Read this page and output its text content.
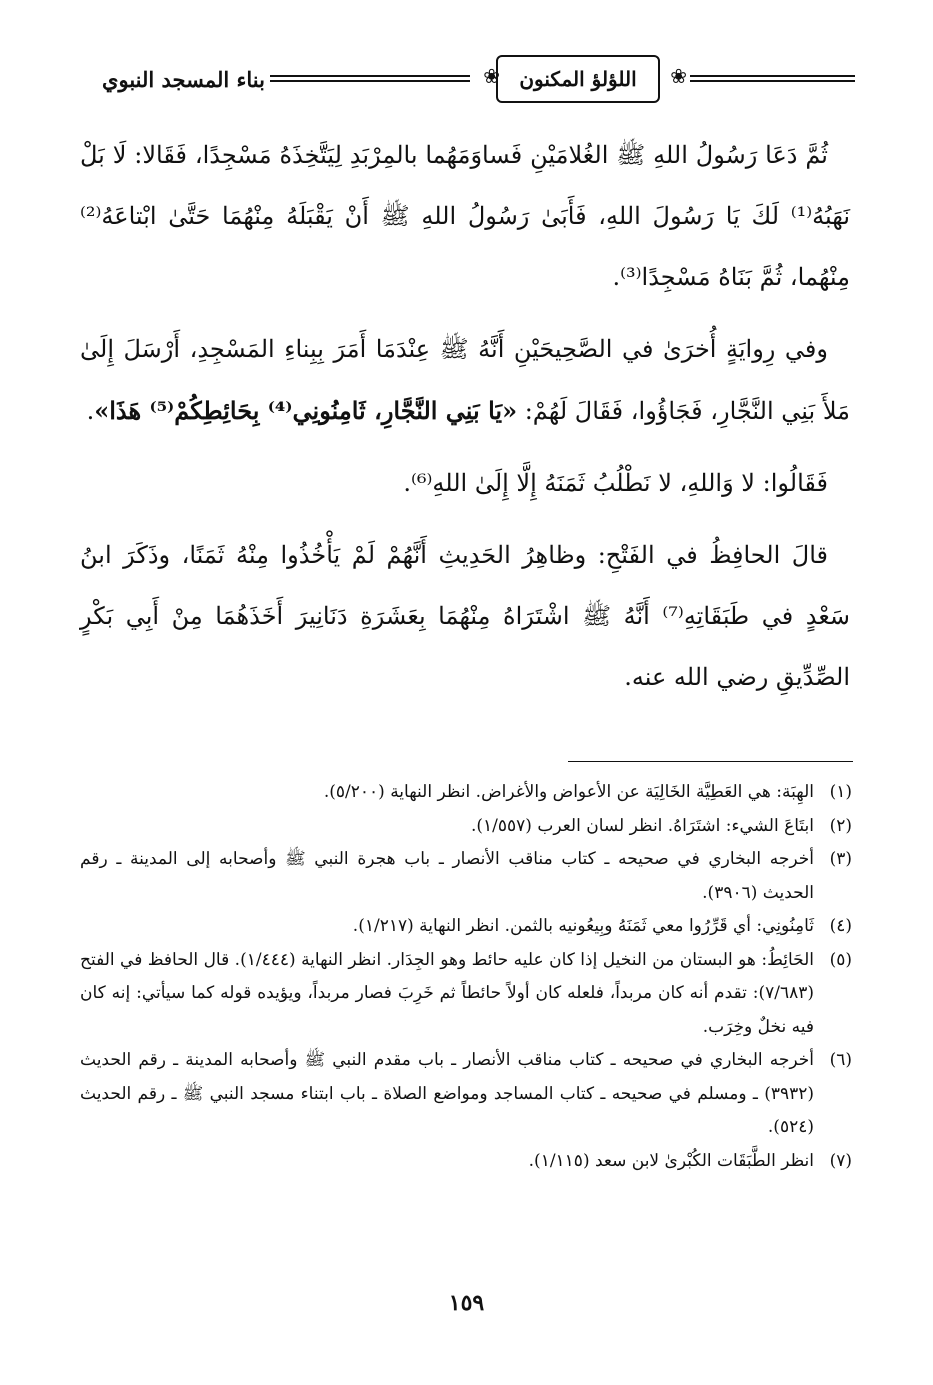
❀
اللؤلؤ المكنون
❀
بناء المسجد النبوي

ثُمَّ دَعَا رَسُولُ اللهِ ﷺ الغُلامَيْنِ فَساوَمَهُما بالمِرْبَدِ لِيَتَّخِذَهُ مَسْجِدًا، فَقَالا: لَا بَلْ نَهَبُهُ⁽¹⁾ لَكَ يَا رَسُولَ اللهِ، فَأَبَىٰ رَسُولُ اللهِ ﷺ أَنْ يَقْبَلَهُ مِنْهُمَا حَتَّىٰ ابْتاعَهُ⁽²⁾ مِنْهُما، ثُمَّ بَنَاهُ مَسْجِدًا⁽³⁾.

وفي رِوايَةٍ أُخرَىٰ في الصَّحِيحَيْنِ أَنَّهُ ﷺ عِنْدَمَا أَمَرَ بِبِناءِ المَسْجِدِ، أَرْسَلَ إِلَىٰ مَلأَ بَنِي النَّجَّارِ، فَجَاؤُوا، فَقَالَ لَهُمْ: «يَا بَنِي النَّجَّارِ، ثَامِنُونِي⁽⁴⁾ بِحَائِطِكُمْ⁽⁵⁾ هَذَا».

فَقَالُوا: لا وَاللهِ، لا نَطْلُبُ ثَمَنَهُ إِلَّا إِلَىٰ اللهِ⁽⁶⁾.

قالَ الحافِظُ في الفَتْحِ: وظاهِرُ الحَدِيثِ أَنَّهُمْ لَمْ يَأْخُذُوا مِنْهُ ثَمَنًا، وذَكَرَ ابنُ سَعْدٍ في طَبَقَاتِهِ⁽⁷⁾ أَنَّهُ ﷺ اشْتَرَاهُ مِنْهُمَا بِعَشَرَةِ دَنَانِيرَ أَخَذَهُمَا مِنْ أَبِي بَكْرٍ الصِّدِّيقِ رضي الله عنه.

(١)
الهِبَة: هي العَطِيَّة الخَالِيَة عن الأعواض والأغراض. انظر النهاية (٥/٢٠٠).
(٢)
ابتَاعَ الشيء: اشتَرَاهُ. انظر لسان العرب (١/٥٥٧).
(٣)
أخرجه البخاري في صحيحه ـ كتاب مناقب الأنصار ـ باب هجرة النبي ﷺ وأصحابه إلى المدينة ـ رقم الحديث (٣٩٠٦).
(٤)
ثَامِنُونِي: أي قَرِّرُوا معي ثَمَنَهُ وبِيعُونيه بالثمن. انظر النهاية (١/٢١٧).
(٥)
الحَائِطُ: هو البستان من النخيل إذا كان عليه حائط وهو الجِدَار. انظر النهاية (١/٤٤٤). قال الحافظ في الفتح (٧/٦٨٣): تقدم أنه كان مربداً، فلعله كان أولاً حائطاً ثم خَرِبَ فصار مربداً، ويؤيده قوله كما سيأتي: إنه كان فيه نخلٌ وخِرَب.
(٦)
أخرجه البخاري في صحيحه ـ كتاب مناقب الأنصار ـ باب مقدم النبي ﷺ وأصحابه المدينة ـ رقم الحديث (٣٩٣٢) ـ ومسلم في صحيحه ـ كتاب المساجد ومواضع الصلاة ـ باب ابتناء مسجد النبي ﷺ ـ رقم الحديث (٥٢٤).
(٧)
انظر الطَّبَقَات الكُبْرىٰ لابن سعد (١/١١٥).
١٥٩
